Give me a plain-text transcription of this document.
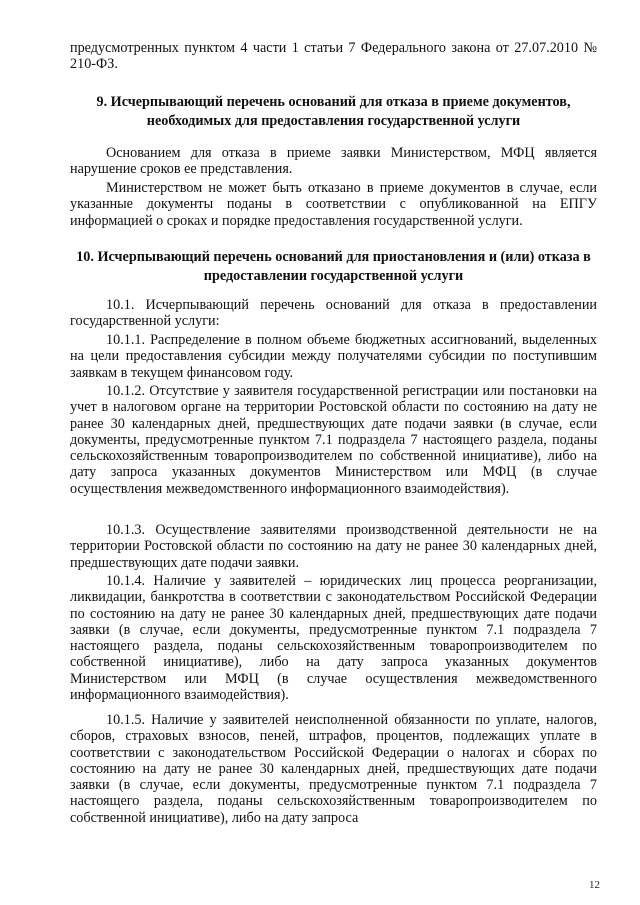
предусмотренных пунктом 4 части 1 статьи 7 Федерального закона от 27.07.2010 № 210-ФЗ.

9. Исчерпывающий перечень оснований для отказа в приеме документов, необходимых для предоставления государственной услуги

Основанием для отказа в приеме заявки Министерством, МФЦ является нарушение сроков ее представления.

Министерством не может быть отказано в приеме документов в случае, если указанные документы поданы в соответствии с опубликованной на ЕПГУ информацией о сроках и порядке предоставления государственной услуги.

10. Исчерпывающий перечень оснований для приостановления и (или) отказа в предоставлении государственной услуги

10.1. Исчерпывающий перечень оснований для отказа в предоставлении государственной услуги:

10.1.1. Распределение в полном объеме бюджетных ассигнований, выделенных на цели предоставления субсидии между получателями субсидии по поступившим заявкам в текущем финансовом году.

10.1.2. Отсутствие у заявителя государственной регистрации или постановки на учет в налоговом органе на территории Ростовской области по состоянию на дату не ранее 30 календарных дней, предшествующих дате подачи заявки (в случае, если документы, предусмотренные пунктом 7.1 подраздела 7 настоящего раздела, поданы сельскохозяйственным товаропроизводителем по собственной инициативе), либо на дату запроса указанных документов Министерством или МФЦ (в случае осуществления межведомственного информационного взаимодействия).

10.1.3. Осуществление заявителями производственной деятельности не на территории Ростовской области по состоянию на дату не ранее 30 календарных дней, предшествующих дате подачи заявки.

10.1.4. Наличие у заявителей – юридических лиц процесса реорганизации, ликвидации, банкротства в соответствии с законодательством Российской Федерации по состоянию на дату не ранее 30 календарных дней, предшествующих дате подачи заявки (в случае, если документы, предусмотренные пунктом 7.1 подраздела 7 настоящего раздела, поданы сельскохозяйственным товаропроизводителем по собственной инициативе), либо на дату запроса указанных документов Министерством или МФЦ (в случае осуществления межведомственного информационного взаимодействия).

10.1.5. Наличие у заявителей неисполненной обязанности по уплате, налогов, сборов, страховых взносов, пеней, штрафов, процентов, подлежащих уплате в соответствии с законодательством Российской Федерации о налогах и сборах по состоянию на дату не ранее 30 календарных дней, предшествующих дате подачи заявки (в случае, если документы, предусмотренные пунктом 7.1 подраздела 7 настоящего раздела, поданы сельскохозяйственным товаропроизводителем по собственной инициативе), либо на дату запроса

12
